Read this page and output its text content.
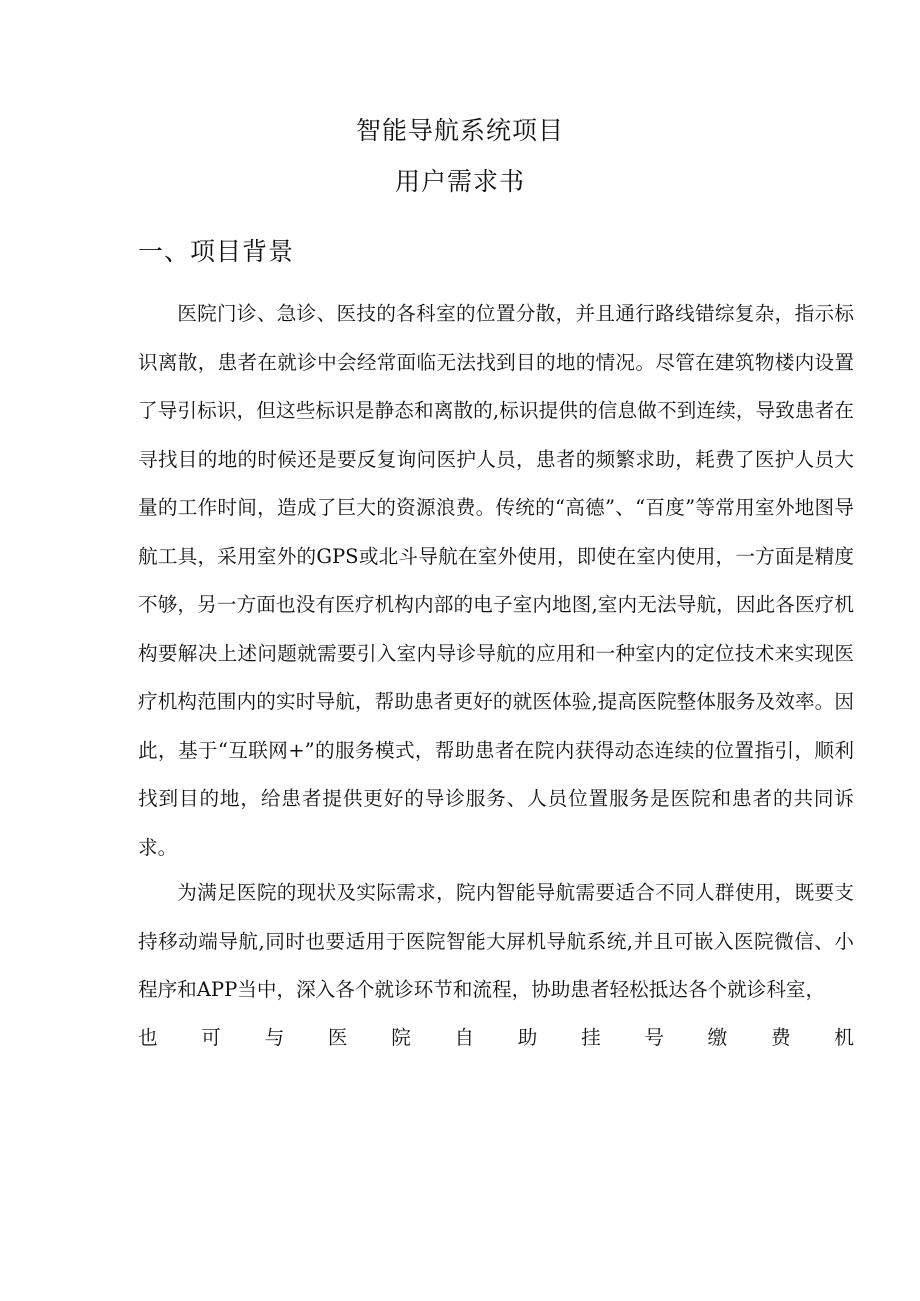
智能导航系统项目
用户需求书
一、项目背景

医院门诊、急诊、医技的各科室的位置分散，并且通行路线错综复杂，指示标识离散，患者在就诊中会经常面临无法找到目的地的情况。尽管在建筑物楼内设置了导引标识，但这些标识是静态和离散的,标识提供的信息做不到连续，导致患者在寻找目的地的时候还是要反复询问医护人员，患者的频繁求助，耗费了医护人员大量的工作时间，造成了巨大的资源浪费。传统的“高德”、“百度”等常用室外地图导航工具，采用室外的GPS或北斗导航在室外使用，即使在室内使用，一方面是精度不够，另一方面也没有医疗机构内部的电子室内地图,室内无法导航，因此各医疗机构要解决上述问题就需要引入室内导诊导航的应用和一种室内的定位技术来实现医疗机构范围内的实时导航，帮助患者更好的就医体验,提高医院整体服务及效率。因此，基于“互联网+”的服务模式，帮助患者在院内获得动态连续的位置指引，顺利找到目的地，给患者提供更好的导诊服务、人员位置服务是医院和患者的共同诉求。

为满足医院的现状及实际需求，院内智能导航需要适合不同人群使用，既要支持移动端导航,同时也要适用于医院智能大屏机导航系统,并且可嵌入医院微信、小程序和APP当中，深入各个就诊环节和流程，协助患者轻松抵达各个就诊科室，

也 可 与 医 院 自 助 挂 号 缴 费 机
